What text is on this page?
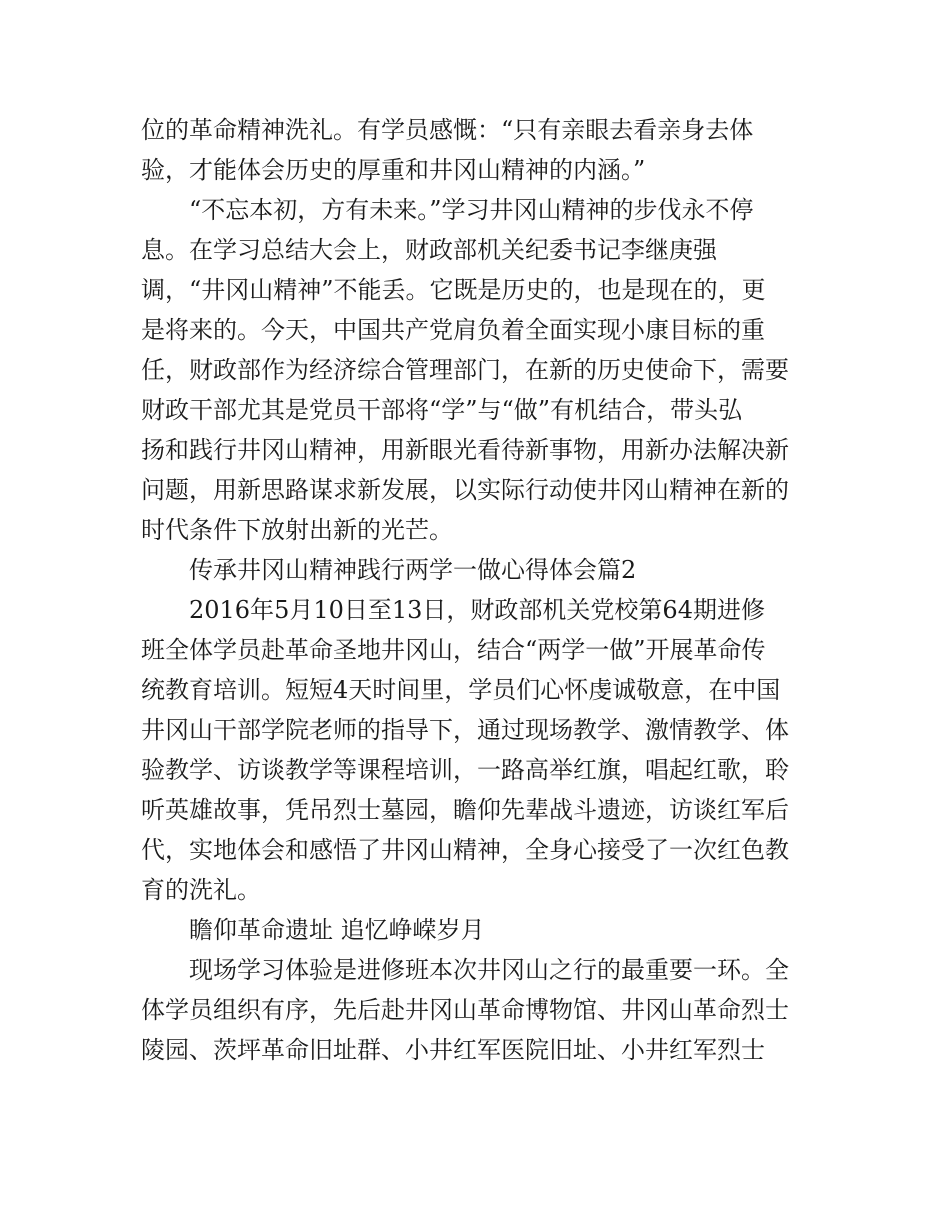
位的革命精神洗礼。有学员感慨：“只有亲眼去看亲身去体
验，才能体会历史的厚重和井冈山精神的内涵。”
“不忘本初，方有未来。”学习井冈山精神的步伐永不停
息。在学习总结大会上，财政部机关纪委书记李继庚强
调，“井冈山精神”不能丢。它既是历史的，也是现在的，更
是将来的。今天，中国共产党肩负着全面实现小康目标的重
任，财政部作为经济综合管理部门，在新的历史使命下，需要
财政干部尤其是党员干部将“学”与“做”有机结合，带头弘
扬和践行井冈山精神，用新眼光看待新事物，用新办法解决新
问题，用新思路谋求新发展，以实际行动使井冈山精神在新的
时代条件下放射出新的光芒。
传承井冈山精神践行两学一做心得体会篇2
2016年5月10日至13日，财政部机关党校第64期进修
班全体学员赴革命圣地井冈山，结合“两学一做”开展革命传
统教育培训。短短4天时间里，学员们心怀虔诚敬意，在中国
井冈山干部学院老师的指导下，通过现场教学、激情教学、体
验教学、访谈教学等课程培训，一路高举红旗，唱起红歌，聆
听英雄故事，凭吊烈士墓园，瞻仰先辈战斗遗迹，访谈红军后
代，实地体会和感悟了井冈山精神，全身心接受了一次红色教
育的洗礼。
瞻仰革命遗址 追忆峥嵘岁月
现场学习体验是进修班本次井冈山之行的最重要一环。全
体学员组织有序，先后赴井冈山革命博物馆、井冈山革命烈士
陵园、茨坪革命旧址群、小井红军医院旧址、小井红军烈士
